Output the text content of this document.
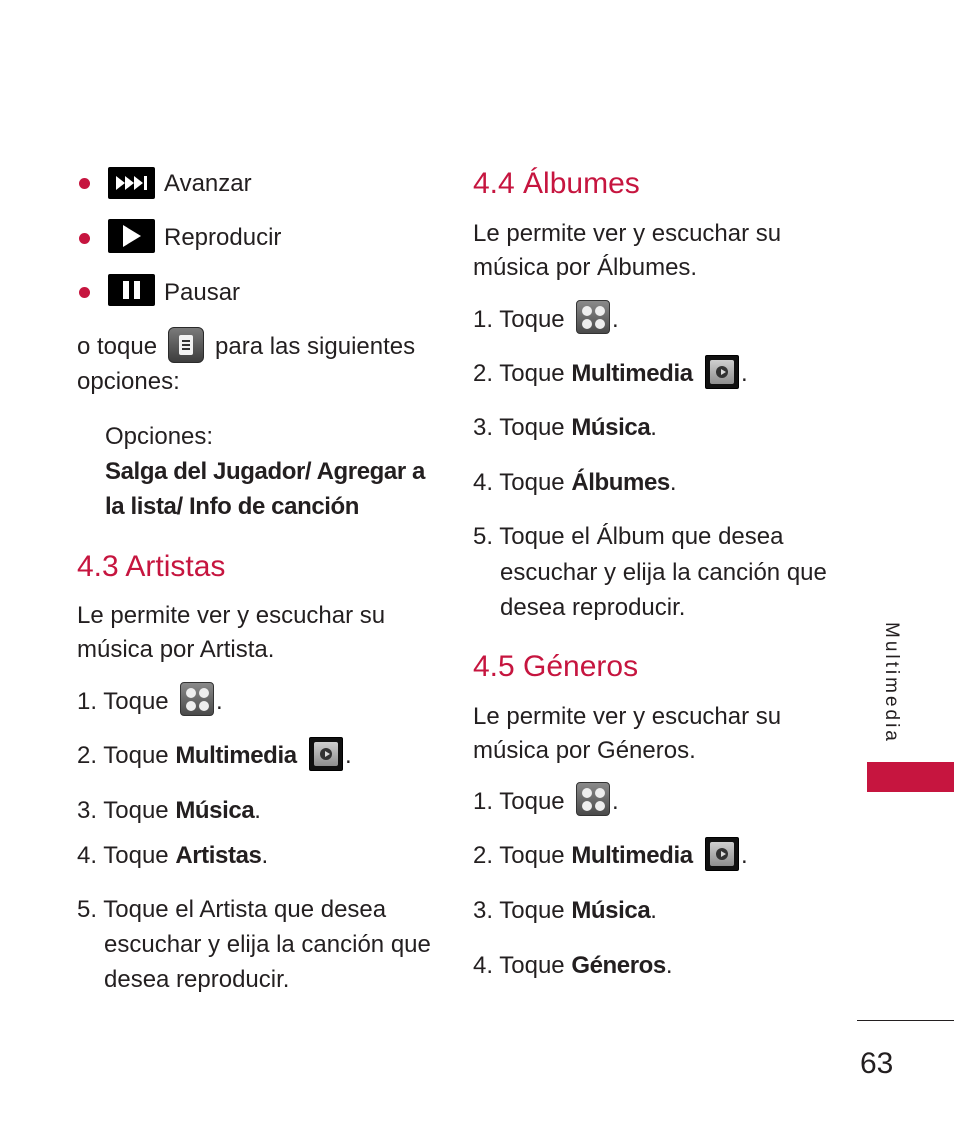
Avanzar
Reproducir
Pausar
o toque para las siguientes
opciones:
Opciones:
Salga del Jugador/ Agregar a
la lista/ Info de canción
4.3 Artistas
Le permite ver y escuchar su
música por Artista.
1. Toque .
2. Toque Multimedia .
3. Toque Música.
4. Toque Artistas.
5. Toque el Artista que desea
escuchar y elija la canción que
desea reproducir.
4.4 Álbumes
Le permite ver y escuchar su
música por Álbumes.
1. Toque .
2. Toque Multimedia .
3. Toque Música.
4. Toque Álbumes.
5. Toque el Álbum que desea
escuchar y elija la canción que
desea reproducir.
4.5 Géneros
Le permite ver y escuchar su
música por Géneros.
1. Toque .
2. Toque Multimedia .
3. Toque Música.
4. Toque Géneros.
Multimedia
63
